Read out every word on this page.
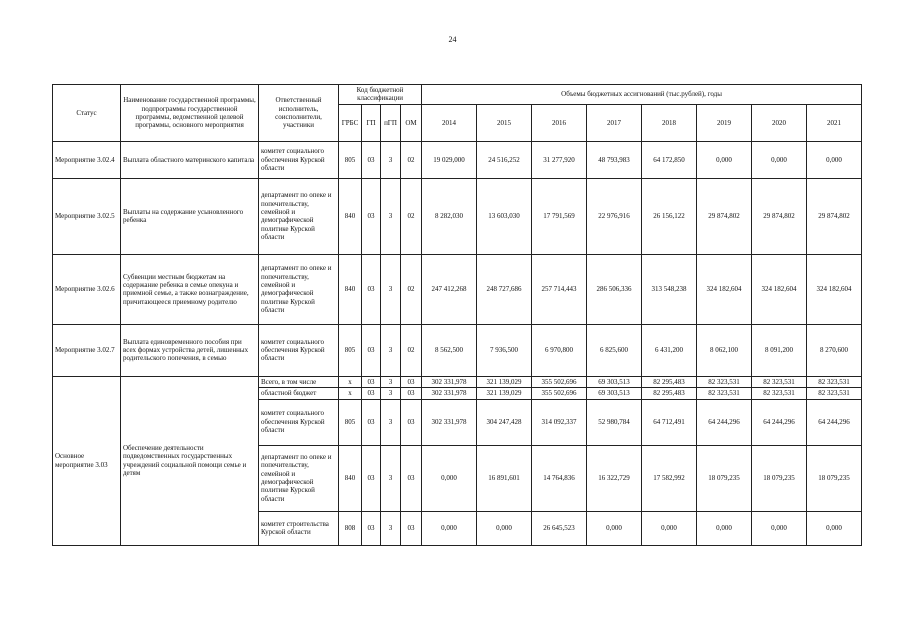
24
Статус	Наименование государственной программы, подпрограммы государственной программы, ведомственной целевой программы, основного мероприятия	Ответственный исполнитель, соисполнители, участники	Код бюджетной классификации				Объемы бюджетных ассигнований (тыс.рублей), годы							
			ГРБС	ГП	пГП	ОМ	2014	2015	2016	2017	2018	2019	2020	2021
Мероприятие 3.02.4	Выплата областного материнского капитала	комитет социального обеспечения Курской области	805	03	3	02	19 029,000	24 516,252	31 277,920	48 793,983	64 172,850	0,000	0,000	0,000
Мероприятие 3.02.5	Выплаты на содержание усыновленного ребенка	департамент по опеке и попечительству, семейной и демографической политике Курской области	840	03	3	02	8 282,030	13 603,030	17 791,569	22 976,916	26 156,122	29 874,802	29 874,802	29 874,802
Мероприятие 3.02.6	Субвенции местным бюджетам на содержание ребенка в семье опекуна и приемной семье, а также вознаграждение, причитающееся приемному родителю	департамент по опеке и попечительству, семейной и демографической политике Курской области	840	03	3	02	247 412,268	248 727,686	257 714,443	286 506,336	313 548,238	324 182,604	324 182,604	324 182,604
Мероприятие 3.02.7	Выплата единовременного пособия при всех формах устройства детей, лишенных родительского попечения, в семью	комитет социального обеспечения Курской области	805	03	3	02	8 562,500	7 936,500	6 970,800	6 825,600	6 431,200	8 062,100	8 091,200	8 270,600
Основное мероприятие 3.03	Обеспечение деятельности подведомственных государственных учреждений социальной помощи семье и детям	Всего, в том числе	x	03	3	03	302 331,978	321 139,029	355 502,696	69 303,513	82 295,483	82 323,531	82 323,531	82 323,531
		областной бюджет	x	03	3	03	302 331,978	321 139,029	355 502,696	69 303,513	82 295,483	82 323,531	82 323,531	82 323,531
		комитет социального обеспечения Курской области	805	03	3	03	302 331,978	304 247,428	314 092,337	52 980,784	64 712,491	64 244,296	64 244,296	64 244,296
		департамент по опеке и попечительству, семейной и демографической политике Курской области	840	03	3	03	0,000	16 891,601	14 764,836	16 322,729	17 582,992	18 079,235	18 079,235	18 079,235
		комитет строительства Курской области	808	03	3	03	0,000	0,000	26 645,523	0,000	0,000	0,000	0,000	0,000
